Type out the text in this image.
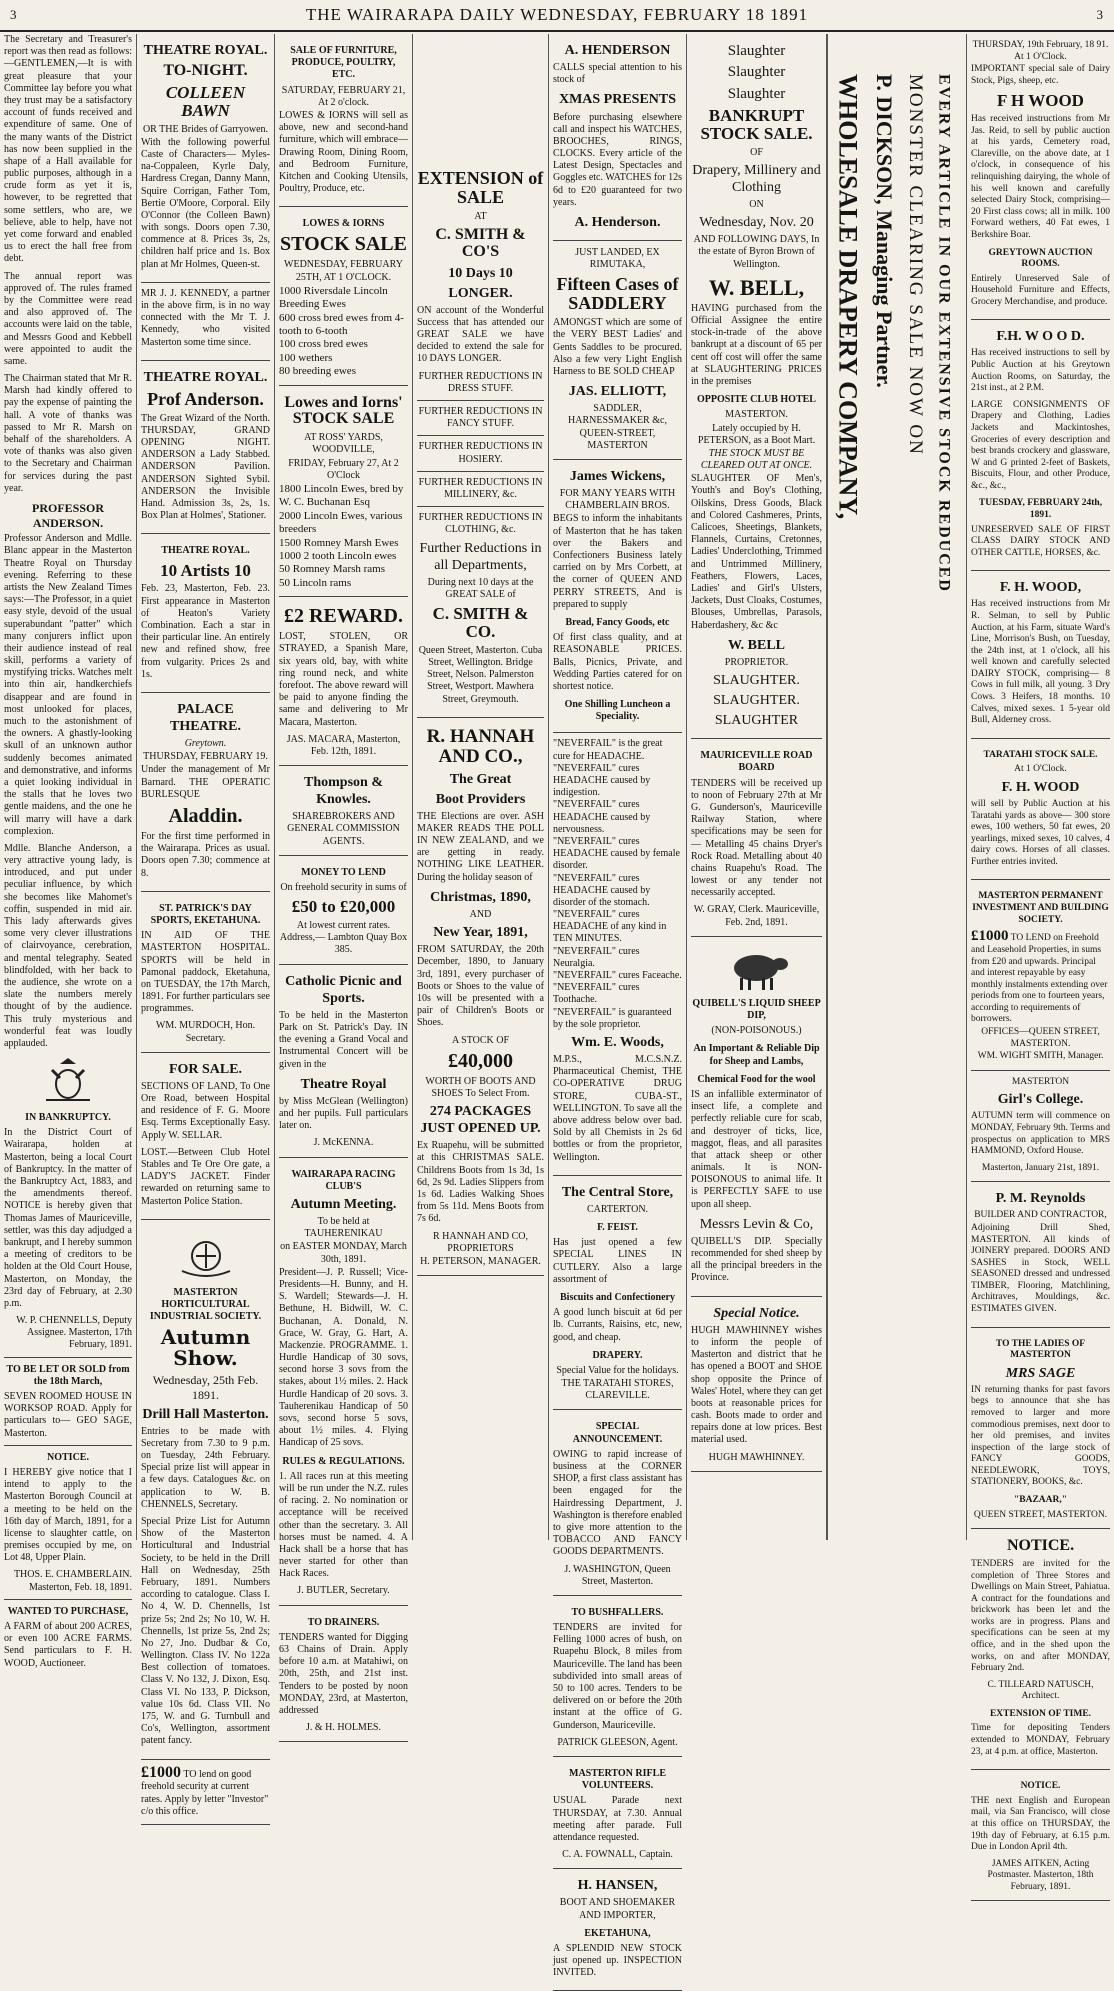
3	THE WAIRARAPA DAILY WEDNESDAY, FEBRUARY 18 1891	3

The Secretary and Treasurer's report was then read as follows:—GENTLEMEN,—It is with great pleasure that your Committee lay before you what they trust may be a satisfactory account of funds received and expenditure of same. One of the many wants of the District has now been supplied in the shape of a Hall available for public purposes, although in a crude form as yet it is, however, to be regretted that some settlers, who are, we believe, able to help, have not yet come forward and enabled us to erect the hall free from debt.

The annual report was approved of. The rules framed by the Committee were read and also approved of. The accounts were laid on the table, and Messrs Good and Kebbell were appointed to audit the same.

The Chairman stated that Mr R. Marsh had kindly offered to pay the expense of painting the hall. A vote of thanks was passed to Mr R. Marsh on behalf of the shareholders. A vote of thanks was also given to the Secretary and Chairman for services during the past year.

PROFESSOR ANDERSON.

Professor Anderson and Mdlle. Blanc appear in the Masterton Theatre Royal on Thursday evening. Referring to these artists the New Zealand Times says:—The Professor, in a quiet easy style, devoid of the usual superabundant "patter" which many conjurers inflict upon their audience instead of real skill, performs a variety of mystifying tricks. Watches melt into thin air, handkerchiefs disappear and are found in most unlooked for places, much to the astonishment of the owners. A ghastly-looking skull of an unknown author suddenly becomes animated and demonstrative, and informs a quiet looking individual in the stalls that he loves two gentle maidens, and the one he will marry will have a dark complexion.

Mdlle. Blanche Anderson, a very attractive young lady, is introduced, and put under peculiar influence, by which she becomes like Mahomet's coffin, suspended in mid air. This lady afterwards gives some very clever illustrations of clairvoyance, cerebration, and mental telegraphy. Seated blindfolded, with her back to the audience, she wrote on a slate the numbers merely thought of by the audience. This truly mysterious and wonderful feat was loudly applauded.

IN BANKRUPTCY.

In the District Court of Wairarapa, holden at Masterton, being a local Court of Bankruptcy. In the matter of the Bankruptcy Act, 1883, and the amendments thereof. NOTICE is hereby given that Thomas James of Mauriceville, settler, was this day adjudged a bankrupt, and I hereby summon a meeting of creditors to be holden at the Old Court House, Masterton, on Monday, the 23rd day of February, at 2.30 p.m.

W. P. CHENNELLS, Deputy Assignee. Masterton, 17th February, 1891.

TO BE LET OR SOLD from the 18th March,

SEVEN ROOMED HOUSE IN WORKSOP ROAD. Apply for particulars to— GEO SAGE, Masterton.

NOTICE.

I HEREBY give notice that I intend to apply to the Masterton Borough Council at a meeting to be held on the 16th day of March, 1891, for a license to slaughter cattle, on premises occupied by me, on Lot 48, Upper Plain.

THOS. E. CHAMBERLAIN. Masterton, Feb. 18, 1891.

WANTED TO PURCHASE,

A FARM of about 200 ACRES, or even 100 ACRE FARMS. Send particulars to F. H. WOOD, Auctioneer.

THEATRE ROYAL.
TO-NIGHT.
COLLEEN BAWN
OR THE Brides of Garryowen.

With the following powerful Caste of Characters— Myles-na-Coppaleen, Kyrle Daly, Hardress Cregan, Danny Mann, Squire Corrigan, Father Tom, Bertie O'Moore, Corporal. Eily O'Connor (the Colleen Bawn) with songs. Doors open 7.30, commence at 8. Prices 3s, 2s, children half price and 1s. Box plan at Mr Holmes, Queen-st.

MR J. J. KENNEDY, a partner in the above firm, is in no way connected with the Mr T. J. Kennedy, who visited Masterton some time since.

THEATRE ROYAL.
Prof Anderson.

The Great Wizard of the North. THURSDAY, GRAND OPENING NIGHT. ANDERSON a Lady Stabbed. ANDERSON Pavilion. ANDERSON Sighted Sybil. ANDERSON the Invisible Hand. Admission 3s, 2s, 1s. Box Plan at Holmes', Stationer.

THEATRE ROYAL.
10 Artists 10

Feb. 23, Masterton, Feb. 23. First appearance in Masterton of Heaton's Variety Combination. Each a star in their particular line. An entirely new and refined show, free from vulgarity. Prices 2s and 1s.

PALACE THEATRE.
Greytown.
THURSDAY, FEBRUARY 19.

Under the management of Mr Barnard. THE OPERATIC BURLESQUE

Aladdin.

For the first time performed in the Wairarapa. Prices as usual. Doors open 7.30; commence at 8.

ST. PATRICK'S DAY SPORTS, EKETAHUNA.

IN AID OF THE MASTERTON HOSPITAL. SPORTS will be held in Pamonal paddock, Eketahuna, on TUESDAY, the 17th March, 1891. For further particulars see programmes.

WM. MURDOCH, Hon. Secretary.
FOR SALE.

SECTIONS OF LAND, To One Ore Road, between Hospital and residence of F. G. Moore Esq. Terms Exceptionally Easy. Apply W. SELLAR.

LOST.—Between Club Hotel Stables and Te Ore Ore gate, a LADY'S JACKET. Finder rewarded on returning same to Masterton Police Station.

MASTERTON HORTICULTURAL INDUSTRIAL SOCIETY.
Autumn Show.
Wednesday, 25th Feb. 1891.
Drill Hall Masterton.

Entries to be made with Secretary from 7.30 to 9 p.m. on Tuesday, 24th February. Special prize list will appear in a few days. Catalogues &c. on application to W. B. CHENNELS, Secretary.

Special Prize List for Autumn Show of the Masterton Horticultural and Industrial Society, to be held in the Drill Hall on Wednesday, 25th February, 1891. Numbers according to catalogue. Class I. No 4, W. D. Chennells, 1st prize 5s; 2nd 2s; No 10, W. H. Chennells, 1st prize 5s, 2nd 2s; No 27, Jno. Dudbar & Co, Wellington. Class IV. No 122a Best collection of tomatoes. Class V. No 132, J. Dixon, Esq. Class VI. No 133, P. Dickson, value 10s 6d. Class VII. No 175, W. and G. Turnbull and Co's, Wellington, assortment patent fancy.

£1000 TO lend on good freehold security at current rates. Apply by letter "Investor" c/o this office.
SALE OF FURNITURE, PRODUCE, POULTRY, ETC.
SATURDAY, FEBRUARY 21, At 2 o'clock.

LOWES & IORNS will sell as above, new and second-hand furniture, which will embrace— Drawing Room, Dining Room, and Bedroom Furniture, Kitchen and Cooking Utensils, Poultry, Produce, etc.

LOWES & IORNS
STOCK SALE
WEDNESDAY, FEBRUARY 25TH, AT 1 O'CLOCK.
1000 Riversdale Lincoln Breeding Ewes
600 cross bred ewes from 4-tooth to 6-tooth
100 cross bred ewes
100 wethers
80 breeding ewes
Lowes and Iorns' STOCK SALE
AT ROSS' YARDS, WOODVILLE,
FRIDAY, February 27, At 2 O'Clock
1800 Lincoln Ewes, bred by W. C. Buchanan Esq
2000 Lincoln Ewes, various breeders
1500 Romney Marsh Ewes
1000 2 tooth Lincoln ewes
50 Romney Marsh rams
50 Lincoln rams
£2 REWARD.

LOST, STOLEN, OR STRAYED, a Spanish Mare, six years old, bay, with white ring round neck, and white forefoot. The above reward will be paid to anyone finding the same and delivering to Mr Macara, Masterton.

JAS. MACARA, Masterton, Feb. 12th, 1891.
Thompson & Knowles.
SHAREBROKERS AND GENERAL COMMISSION AGENTS.
MONEY TO LEND
On freehold security in sums of
£50 to £20,000
At lowest current rates. Address,— Lambton Quay Box 385.
Catholic Picnic and Sports.

To be held in the Masterton Park on St. Patrick's Day. IN the evening a Grand Vocal and Instrumental Concert will be given in the

Theatre Royal

by Miss McGlean (Wellington) and her pupils. Full particulars later on.

J. McKENNA.
WAIRARAPA RACING CLUB'S
Autumn Meeting.
To be held at TAUHERENIKAU
on EASTER MONDAY, March 30th, 1891.

President—J. P. Russell; Vice-Presidents—H. Bunny, and H. S. Wardell; Stewards—J. H. Bethune, H. Bidwill, W. C. Buchanan, A. Donald, N. Grace, W. Gray, G. Hart, A. Mackenzie. PROGRAMME. 1. Hurdle Handicap of 30 sovs, second horse 3 sovs from the stakes, about 1½ miles. 2. Hack Hurdle Handicap of 20 sovs. 3. Tauherenikau Handicap of 50 sovs, second horse 5 sovs, about 1½ miles. 4. Flying Handicap of 25 sovs.

RULES & REGULATIONS.

1. All races run at this meeting will be run under the N.Z. rules of racing. 2. No nomination or acceptance will be received other than the secretary. 3. All horses must be named. 4. A Hack shall be a horse that has never started for other than Hack Races.

J. BUTLER, Secretary.
TO DRAINERS.

TENDERS wanted for Digging 63 Chains of Drain. Apply before 10 a.m. at Matahiwi, on 20th, 25th, and 21st inst. Tenders to be posted by noon MONDAY, 23rd, at Masterton, addressed

J. & H. HOLMES.
EXTENSION of SALE
AT
C. SMITH & CO'S
10 Days 10
LONGER.

ON account of the Wonderful Success that has attended our GREAT SALE we have decided to extend the sale for 10 DAYS LONGER.

FURTHER REDUCTIONS IN DRESS STUFF.
FURTHER REDUCTIONS IN FANCY STUFF.
FURTHER REDUCTIONS IN HOSIERY.
FURTHER REDUCTIONS IN MILLINERY, &c.
FURTHER REDUCTIONS IN CLOTHING, &c.
Further Reductions in all Departments,
During next 10 days at the GREAT SALE of
C. SMITH & CO.

Queen Street, Masterton. Cuba Street, Wellington. Bridge Street, Nelson. Palmerston Street, Westport. Mawhera Street, Greymouth.

R. HANNAH AND CO.,
The Great
Boot Providers

THE Elections are over. ASH MAKER READS THE POLL IN NEW ZEALAND, and we are getting in ready. NOTHING LIKE LEATHER. During the holiday season of

Christmas, 1890,
AND
New Year, 1891,

FROM SATURDAY, the 20th December, 1890, to January 3rd, 1891, every purchaser of Boots or Shoes to the value of 10s will be presented with a pair of Children's Boots or Shoes.

A STOCK OF
£40,000
WORTH OF BOOTS AND SHOES To Select From.
274 PACKAGES JUST OPENED UP.

Ex Ruapehu, will be submitted at this CHRISTMAS SALE. Childrens Boots from 1s 3d, 1s 6d, 2s 9d. Ladies Slippers from 1s 6d. Ladies Walking Shoes from 5s 11d. Mens Boots from 7s 6d.

R HANNAH AND CO, PROPRIETORS
H. PETERSON, MANAGER.
A. HENDERSON

CALLS special attention to his stock of

XMAS PRESENTS

Before purchasing elsewhere call and inspect his WATCHES, BROOCHES, RINGS, CLOCKS. Every article of the Latest Design, Spectacles and Goggles etc. WATCHES for 12s 6d to £20 guaranteed for two years.

A. Henderson.
JUST LANDED, EX RIMUTAKA,
Fifteen Cases of SADDLERY

AMONGST which are some of the VERY BEST Ladies' and Gents Saddles to be procured. Also a few very Light English Harness to BE SOLD CHEAP

JAS. ELLIOTT,
SADDLER, HARNESSMAKER &c, QUEEN-STREET, MASTERTON
James Wickens,
FOR MANY YEARS WITH CHAMBERLAIN BROS.

BEGS to inform the inhabitants of Masterton that he has taken over the Bakers and Confectioners Business lately carried on by Mrs Corbett, at the corner of QUEEN AND PERRY STREETS, And is prepared to supply

Bread, Fancy Goods, etc

Of first class quality, and at REASONABLE PRICES. Balls, Picnics, Private, and Wedding Parties catered for on shortest notice.

One Shilling Luncheon a Speciality.
"NEVERFAIL" is the great cure for HEADACHE.
"NEVERFAIL" cures HEADACHE caused by indigestion.
"NEVERFAIL" cures HEADACHE caused by nervousness.
"NEVERFAIL" cures HEADACHE caused by female disorder.
"NEVERFAIL" cures HEADACHE caused by disorder of the stomach.
"NEVERFAIL" cures HEADACHE of any kind in TEN MINUTES.
"NEVERFAIL" cures Neuralgia.
"NEVERFAIL" cures Faceache.
"NEVERFAIL" cures Toothache.
"NEVERFAIL" is guaranteed by the sole proprietor.
Wm. E. Woods,

M.P.S., M.C.S.N.Z. Pharmaceutical Chemist, THE CO-OPERATIVE DRUG STORE, CUBA-ST., WELLINGTON. To save all the above address below over bad. Sold by all Chemists in 2s 6d bottles or from the proprietor, Wellington.

The Central Store,
CARTERTON.
F. FEIST.

Has just opened a few SPECIAL LINES IN CUTLERY. Also a large assortment of

Biscuits and Confectionery

A good lunch biscuit at 6d per lb. Currants, Raisins, etc, new, good, and cheap.

DRAPERY.
Special Value for the holidays.
THE TARATAHI STORES, CLAREVILLE.
SPECIAL ANNOUNCEMENT.

OWING to rapid increase of business at the CORNER SHOP, a first class assistant has been engaged for the Hairdressing Department, J. Washington is therefore enabled to give more attention to the TOBACCO AND FANCY GOODS DEPARTMENTS.

J. WASHINGTON, Queen Street, Masterton.
TO BUSHFALLERS.

TENDERS are invited for Felling 1000 acres of bush, on Ruapehu Block, 8 miles from Mauriceville. The land has been subdivided into small areas of 50 to 100 acres. Tenders to be delivered on or before the 20th instant at the office of G. Gunderson, Mauriceville.

PATRICK GLEESON, Agent.
MASTERTON RIFLE VOLUNTEERS.

USUAL Parade next THURSDAY, at 7.30. Annual meeting after parade. Full attendance requested.

C. A. FOWNALL, Captain.
H. HANSEN,
BOOT AND SHOEMAKER AND IMPORTER,
EKETAHUNA,

A SPLENDID NEW STOCK just opened up. INSPECTION INVITED.

Slaughter
Slaughter
Slaughter
BANKRUPT STOCK SALE.
OF
Drapery, Millinery and Clothing
ON
Wednesday, Nov. 20

AND FOLLOWING DAYS, In the estate of Byron Brown of Wellington.

W. BELL,

HAVING purchased from the Official Assignee the entire stock-in-trade of the above bankrupt at a discount of 65 per cent off cost will offer the same at SLAUGHTERING PRICES in the premises

OPPOSITE CLUB HOTEL
MASTERTON.
Lately occupied by H. PETERSON, as a Boot Mart.
THE STOCK MUST BE CLEARED OUT AT ONCE.

SLAUGHTER OF Men's, Youth's and Boy's Clothing, Oilskins, Dress Goods, Black and Colored Cashmeres, Prints, Calicoes, Sheetings, Blankets, Flannels, Curtains, Cretonnes, Ladies' Underclothing, Trimmed and Untrimmed Millinery, Feathers, Flowers, Laces, Ladies' and Girl's Ulsters, Jackets, Dust Cloaks, Costumes, Blouses, Umbrellas, Parasols, Haberdashery, &c &c

W. BELL
PROPRIETOR.
SLAUGHTER.
SLAUGHTER.
SLAUGHTER
MAURICEVILLE ROAD BOARD

TENDERS will be received up to noon of February 27th at Mr G. Gunderson's, Mauriceville Railway Station, where specifications may be seen for— Metalling 45 chains Dryer's Rock Road. Metalling about 40 chains Ruapehu's Road. The lowest or any tender not necessarily accepted.

W. GRAY, Clerk. Mauriceville, Feb. 2nd, 1891.
QUIBELL'S LIQUID SHEEP DIP,
(NON-POISONOUS.)
An Important & Reliable Dip for Sheep and Lambs,
Chemical Food for the wool

IS an infallible exterminator of insect life, a complete and perfectly reliable cure for scab, and destroyer of ticks, lice, maggot, fleas, and all parasites that attack sheep or other animals. It is NON-POISONOUS to animal life. It is PERFECTLY SAFE to use upon all sheep.

Messrs Levin & Co,

QUIBELL'S DIP. Specially recommended for shed sheep by all the principal breeders in the Province.

Special Notice.

HUGH MAWHINNEY wishes to inform the people of Masterton and district that he has opened a BOOT and SHOE shop opposite the Prince of Wales' Hotel, where they can get boots at reasonable prices for cash. Boots made to order and repairs done at low prices. Best material used.

HUGH MAWHINNEY.
WHOLESALE DRAPERY COMPANY, P. DICKSON, Managing Partner. MONSTER CLEARING SALE NOW ON EVERY ARTICLE IN OUR EXTENSIVE STOCK REDUCED
THURSDAY, 19th February, 18 91. At 1 O'Clock.

IMPORTANT special sale of Dairy Stock, Pigs, sheep, etc.

F H WOOD

Has received instructions from Mr Jas. Reid, to sell by public auction at his yards, Cemetery road, Clareville, on the above date, at 1 o'clock, in consequence of his relinquishing dairying, the whole of his well known and carefully selected Dairy Stock, comprising— 20 First class cows; all in milk. 100 Forward wethers, 40 Fat ewes, 1 Berkshire Boar.

GREYTOWN AUCTION ROOMS.

Entirely Unreserved Sale of Household Furniture and Effects, Grocery Merchandise, and produce.

F.H. W O O D.

Has received instructions to sell by Public Auction at his Greytown Auction Rooms, on Saturday, the 21st inst., at 2 P.M.

LARGE CONSIGNMENTS OF Drapery and Clothing, Ladies Jackets and Mackintoshes, Groceries of every description and best brands crockery and glassware, W and G printed 2-feet of Baskets, Biscuits, Flour, and other Produce, &c., &c.,

TUESDAY, FEBRUARY 24th, 1891.

UNRESERVED SALE OF FIRST CLASS DAIRY STOCK AND OTHER CATTLE, HORSES, &c.

F. H. WOOD,

Has received instructions from Mr R. Selman, to sell by Public Auction, at his Farm, situate Ward's Line, Morrison's Bush, on Tuesday, the 24th inst, at 1 o'clock, all his well known and carefully selected DAIRY STOCK, comprising— 8 Cows in full milk, all young. 3 Dry Cows. 3 Heifers, 18 months. 10 Calves, mixed sexes. 1 5-year old Bull, Alderney cross.

TARATAHI STOCK SALE.
At 1 O'Clock.
F. H. WOOD

will sell by Public Auction at his Taratahi yards as above— 300 store ewes, 100 wethers, 50 fat ewes, 20 yearlings, mixed sexes, 10 calves, 4 dairy cows. Horses of all classes. Further entries invited.

MASTERTON PERMANENT INVESTMENT AND BUILDING SOCIETY.
£1000 TO LEND on Freehold and Leasehold Properties, in sums from £20 and upwards. Principal and interest repayable by easy monthly instalments extending over periods from one to fourteen years, according to requirements of borrowers.
OFFICES—QUEEN STREET, MASTERTON.
WM. WIGHT SMITH, Manager.
MASTERTON
Girl's College.

AUTUMN term will commence on MONDAY, February 9th. Terms and prospectus on application to MRS HAMMOND, Oxford House.

Masterton, January 21st, 1891.
P. M. Reynolds
BUILDER AND CONTRACTOR,

Adjoining Drill Shed, MASTERTON. All kinds of JOINERY prepared. DOORS AND SASHES in Stock, WELL SEASONED dressed and undressed TIMBER, Flooring, Matchlining, Architraves, Mouldings, &c. ESTIMATES GIVEN.

TO THE LADIES OF MASTERTON
MRS SAGE

IN returning thanks for past favors begs to announce that she has removed to larger and more commodious premises, next door to her old premises, and invites inspection of the large stock of FANCY GOODS, NEEDLEWORK, TOYS, STATIONERY, BOOKS, &c.

"BAZAAR,"
QUEEN STREET, MASTERTON.
NOTICE.

TENDERS are invited for the completion of Three Stores and Dwellings on Main Street, Pahiatua. A contract for the foundations and brickwork has been let and the works are in progress. Plans and specifications can be seen at my office, and in the shed upon the works, on and after MONDAY, February 2nd.

C. TILLEARD NATUSCH, Architect.
EXTENSION OF TIME.

Time for depositing Tenders extended to MONDAY, February 23, at 4 p.m. at office, Masterton.

NOTICE.

THE next English and European mail, via San Francisco, will close at this office on THURSDAY, the 19th day of February, at 6.15 p.m. Due in London April 4th.

JAMES AITKEN, Acting Postmaster. Masterton, 18th February, 1891.
